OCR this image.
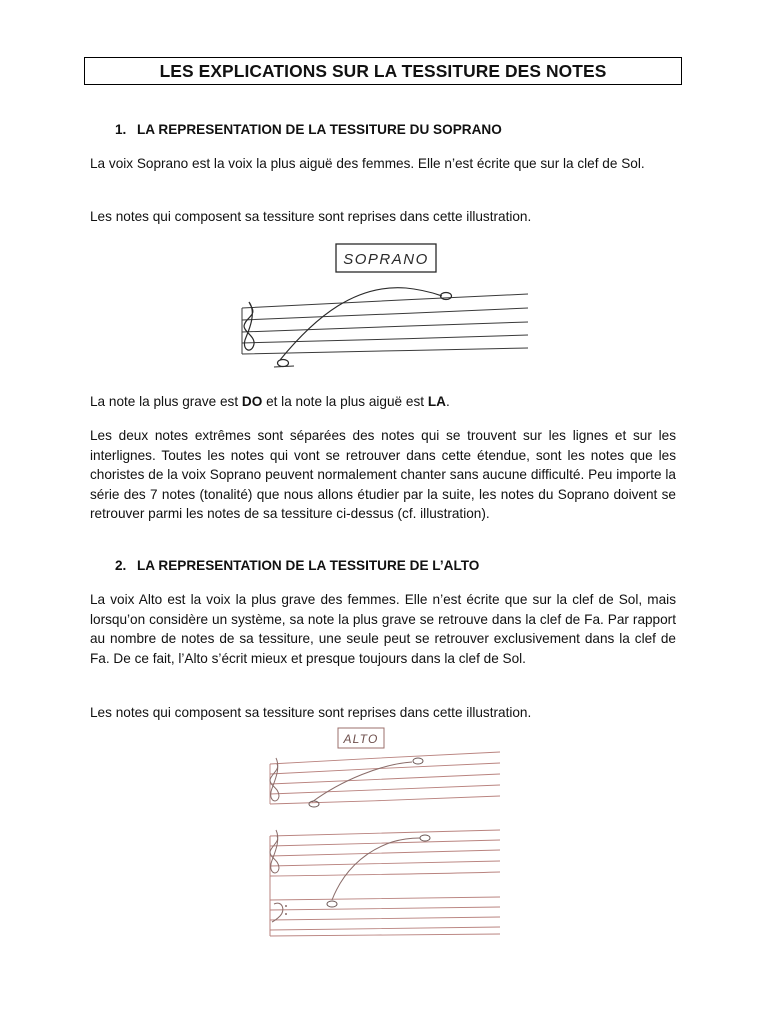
LES EXPLICATIONS SUR LA TESSITURE DES NOTES
1. LA REPRESENTATION DE LA TESSITURE DU SOPRANO

La voix Soprano est la voix la plus aiguë des femmes. Elle n’est écrite que sur la clef de Sol.

Les notes qui composent sa tessiture sont reprises dans cette illustration.

SOPRANO

La note la plus grave est DO et la note la plus aiguë est LA.

Les deux notes extrêmes sont séparées des notes qui se trouvent sur les lignes et sur les interlignes. Toutes les notes qui vont se retrouver dans cette étendue, sont les notes que les choristes de la voix Soprano peuvent normalement chanter sans aucune difficulté. Peu importe la série des 7 notes (tonalité) que nous allons étudier par la suite, les notes du Soprano doivent se retrouver parmi les notes de sa tessiture ci-dessus (cf. illustration).

2. LA REPRESENTATION DE LA TESSITURE DE L’ALTO

La voix Alto est la voix la plus grave des femmes. Elle n’est écrite que sur la clef de Sol, mais lorsqu’on considère un système, sa note la plus grave se retrouve dans la clef de Fa. Par rapport au nombre de notes de sa tessiture, une seule peut se retrouver exclusivement dans la clef de Fa. De ce fait, l’Alto s’écrit mieux et presque toujours dans la clef de Sol.

Les notes qui composent sa tessiture sont reprises dans cette illustration.

ALTO
